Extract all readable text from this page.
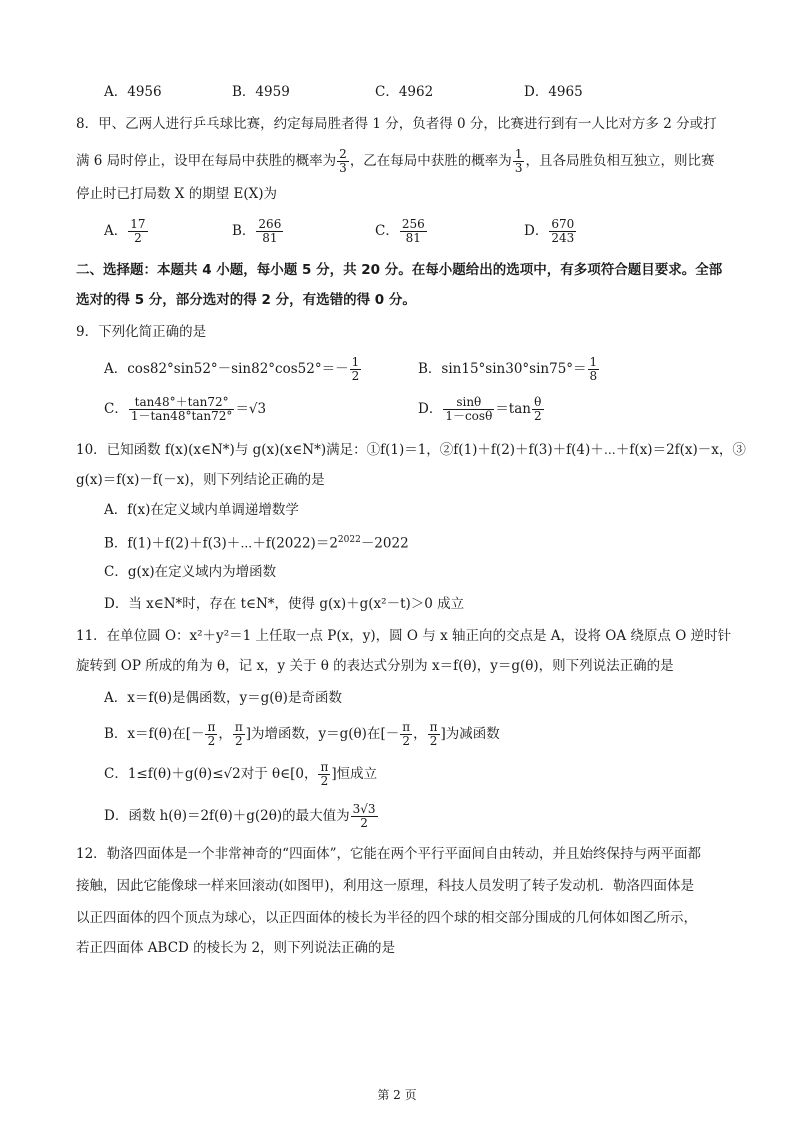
A．4956	B．4959	C．4962	D．4965
8．甲、乙两人进行乒乓球比赛，约定每局胜者得 1 分，负者得 0 分，比赛进行到有一人比对方多 2 分或打
满 6 局时停止，设甲在每局中获胜的概率为 $\frac{2}{3}$ ，乙在每局中获胜的概率为 $\frac{1}{3}$ ，且各局胜负相互独立，则比赛
停止时已打局数 X 的期望 E(X)为
A． $\frac{17}{2}$	B． $\frac{266}{81}$	C． $\frac{256}{81}$	D． $\frac{670}{243}$
二、选择题：本题共 4 小题，每小题 5 分，共 20 分。在每小题给出的选项中，有多项符合题目要求。全部
选对的得 5 分，部分选对的得 2 分，有选错的得 0 分。
9．下列化简正确的是
A．$\cos 82^\circ\sin 52^\circ-\sin 82^\circ\cos 52^\circ=- \frac{1}{2}$	B．$\sin 15^\circ\sin 30^\circ\sin 75^\circ= \frac{1}{8}$
C． $\frac{\tan 48^\circ+\tan 72^\circ}{1-\tan 48^\circ\tan 72^\circ} =√3$	D． $\frac{\sin\theta}{1-\cos\theta} =\tan \frac{\theta}{2}$
10．已知函数 f(x)(x∈N*)与 g(x)(x∈N*)满足：①f(1)＝1，②f(1)＋f(2)＋f(3)＋f(4)＋⋯＋f(x)＝2f(x)－x，③
g(x)＝f(x)－f(－x)，则下列结论正确的是
A．f(x)在定义域内单调递增数学
B．$f(1)+f(2)+f(3)+\cdots+f(2022)=2^{2022}-2022$
C．g(x)在定义域内为增函数
D．当 x∈N*时，存在 t∈N*，使得 g(x)＋g(x²－t)＞0 成立
11．在单位圆 O：x²＋y²＝1 上任取一点 P(x，y)，圆 O 与 x 轴正向的交点是 A，设将 OA 绕原点 O 逆时针
旋转到 OP 所成的角为 θ，记 x，y 关于 θ 的表达式分别为 x＝f(θ)，y＝g(θ)，则下列说法正确的是
A．x＝f(θ)是偶函数，y＝g(θ)是奇函数
B．x＝f(θ)在[－ $\frac{\pi}{2}$ ， $\frac{\pi}{2}$ ]为增函数，y＝g(θ)在[－ $\frac{\pi}{2}$ ， $\frac{\pi}{2}$ ]为减函数
C．1≤f(θ)＋g(θ)≤√2对于 θ∈[0， $\frac{\pi}{2}$ ]恒成立
D．函数 h(θ)＝2f(θ)＋g(2θ)的最大值为 $\frac{3√3}{2}$
12．勒洛四面体是一个非常神奇的“四面体”，它能在两个平行平面间自由转动，并且始终保持与两平面都
接触，因此它能像球一样来回滚动(如图甲)，利用这一原理，科技人员发明了转子发动机．勒洛四面体是
以正四面体的四个顶点为球心，以正四面体的棱长为半径的四个球的相交部分围成的几何体如图乙所示，
若正四面体 ABCD 的棱长为 2，则下列说法正确的是
第 2 页
